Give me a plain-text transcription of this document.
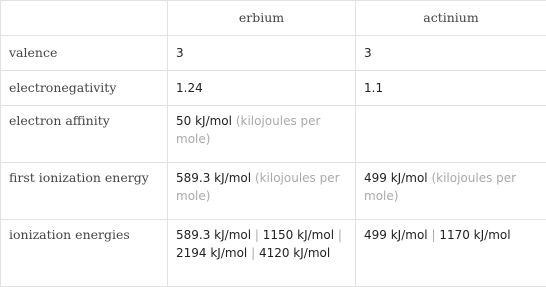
	erbium	actinium
valence	3	3
electronegativity	1.24	1.1
electron affinity	50 kJ/mol (kilojoules per mole)	
first ionization energy	589.3 kJ/mol (kilojoules per mole)	499 kJ/mol (kilojoules per mole)
ionization energies	589.3 kJ/mol | 1150 kJ/mol | 2194 kJ/mol | 4120 kJ/mol	499 kJ/mol | 1170 kJ/mol
